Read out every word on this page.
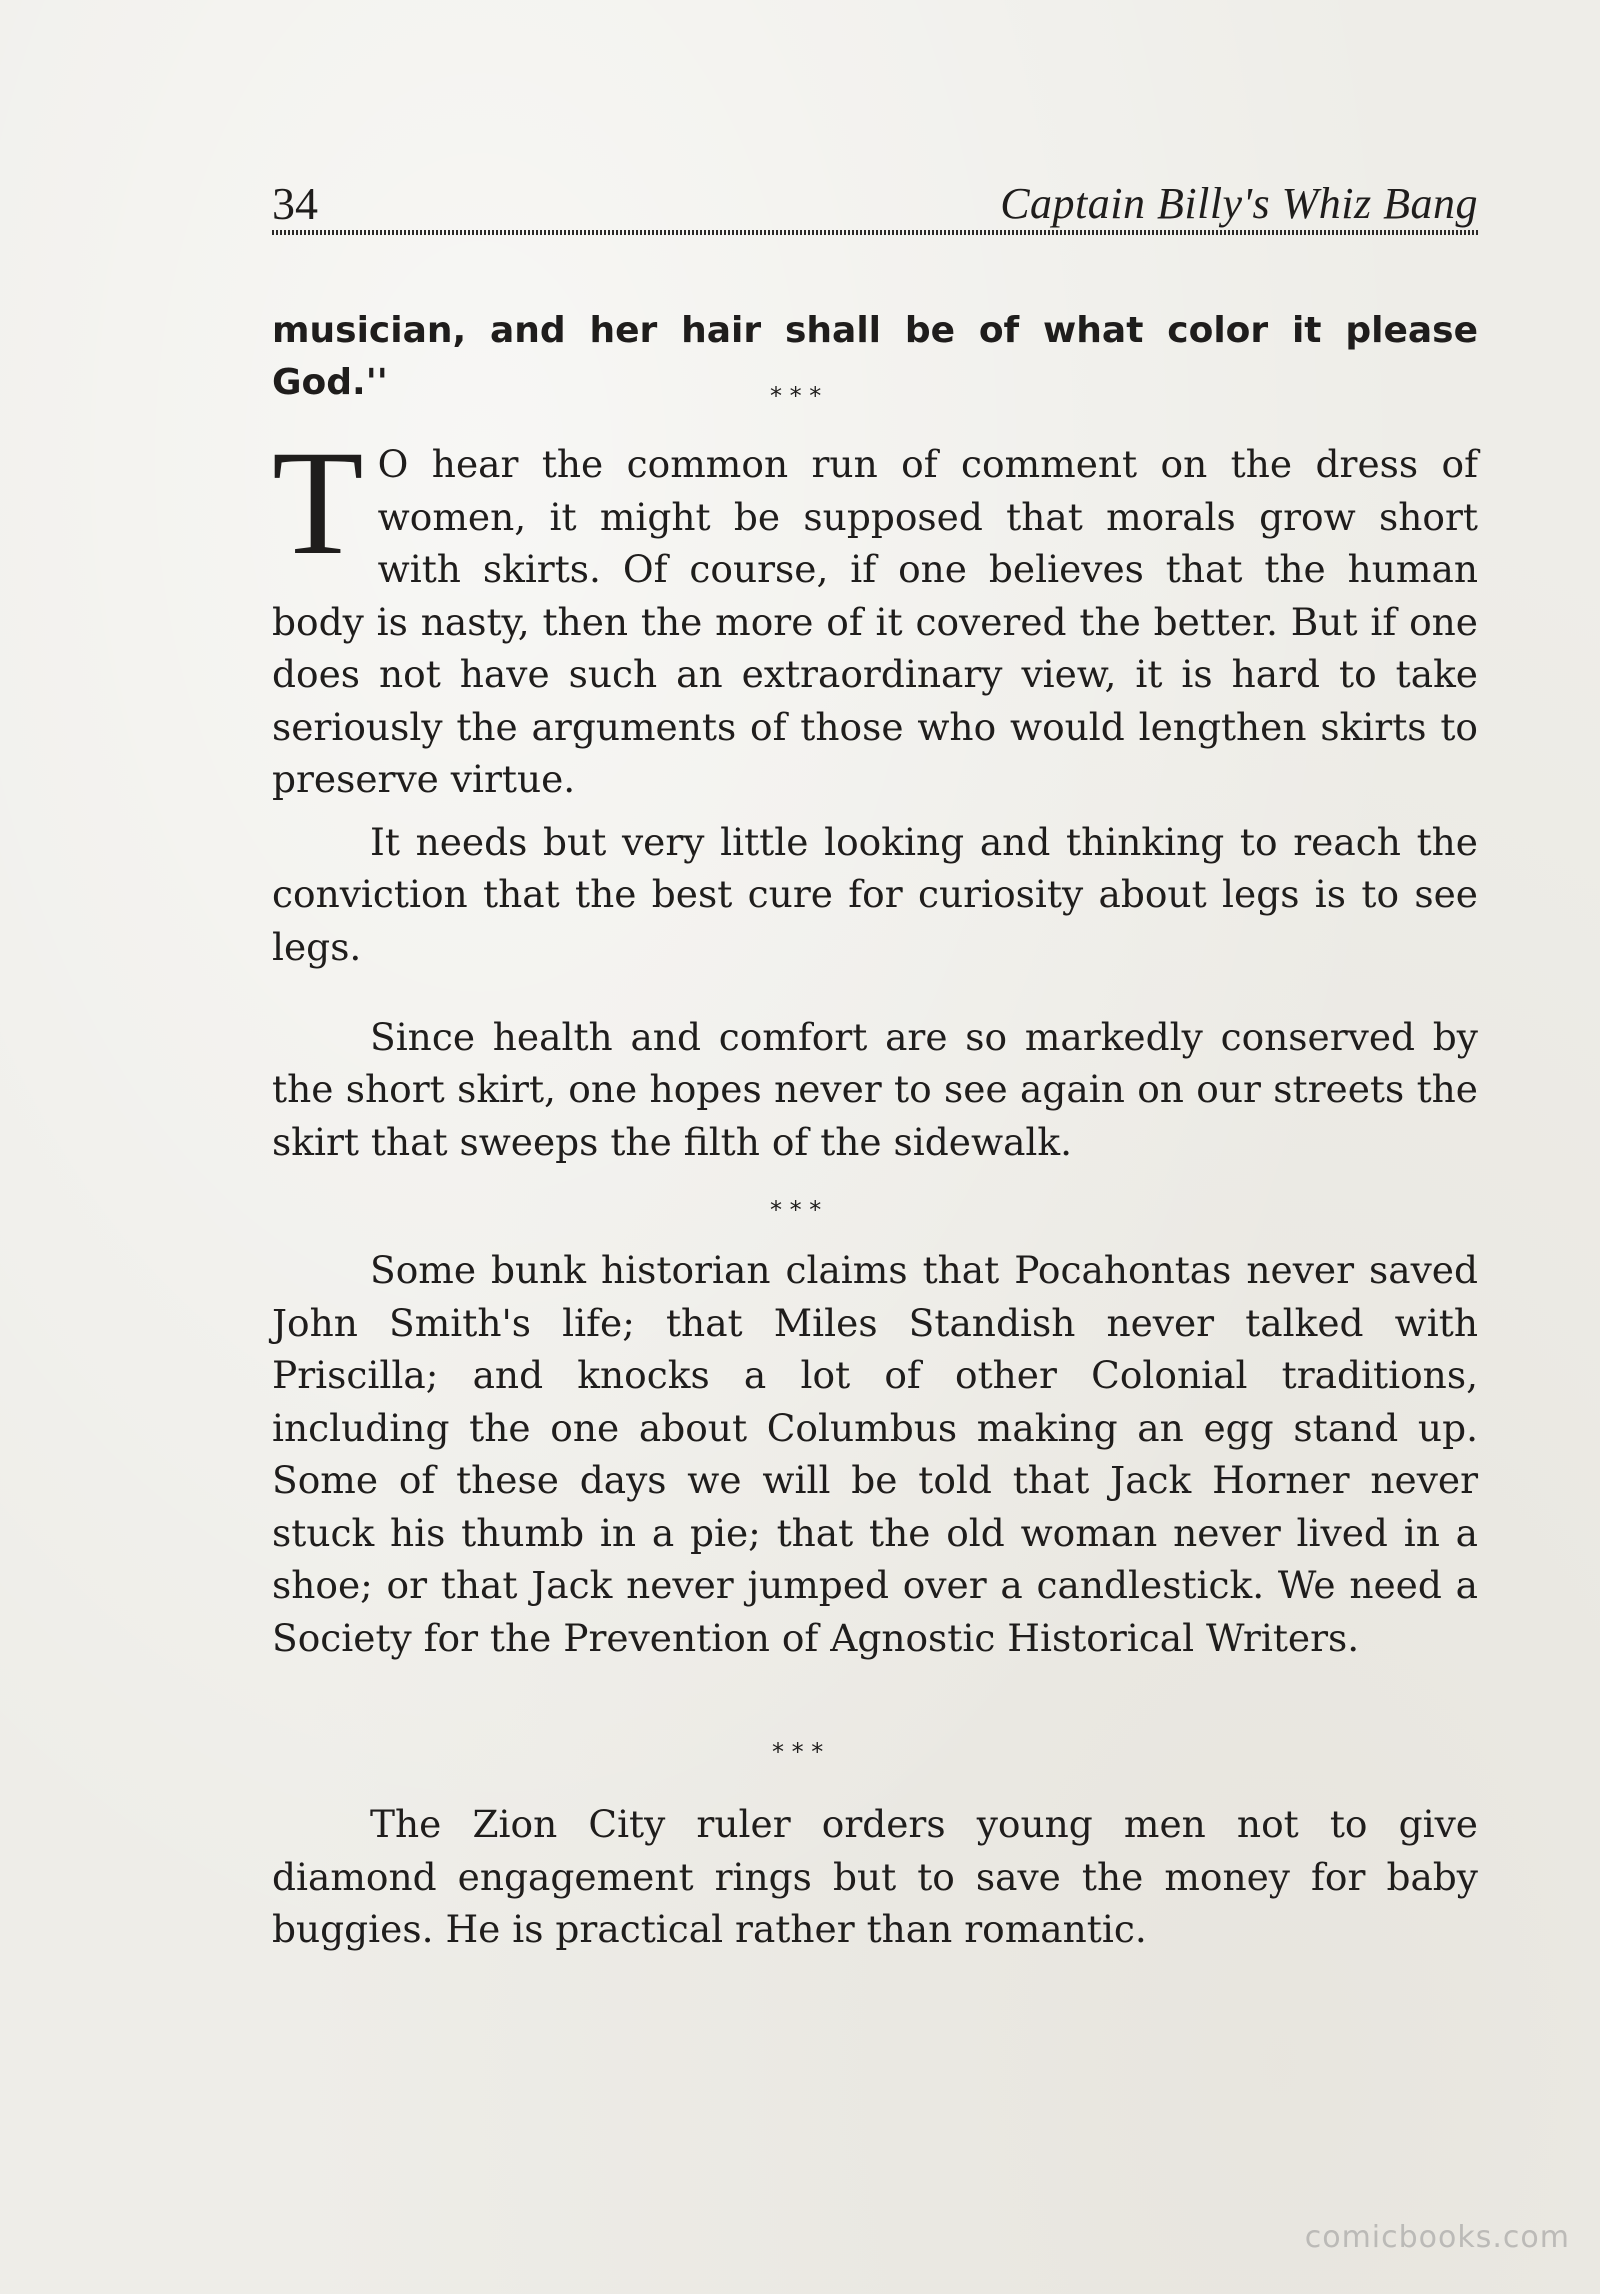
34	Captain Billy's Whiz Bang

musician, and her hair shall be of what color it please God.''	* * *

T O hear the common run of comment on the dress of women, it might be supposed that morals grow short with skirts. Of course, if one believes that the human body is nasty, then the more of it covered the better. But if one does not have such an extraordinary view, it is hard to take seriously the arguments of those who would lengthen skirts to preserve virtue.

It needs but very little looking and thinking to reach the conviction that the best cure for curiosity about legs is to see legs.

Since health and comfort are so markedly conserved by the short skirt, one hopes never to see again on our streets the skirt that sweeps the filth of the sidewalk.

* * *

Some bunk historian claims that Pocahontas never saved John Smith's life; that Miles Standish never talked with Priscilla; and knocks a lot of other Colonial traditions, including the one about Columbus making an egg stand up. Some of these days we will be told that Jack Horner never stuck his thumb in a pie; that the old woman never lived in a shoe; or that Jack never jumped over a candlestick. We need a Society for the Prevention of Agnostic Historical Writers.

* * *

The Zion City ruler orders young men not to give diamond engagement rings but to save the money for baby buggies. He is practical rather than romantic.

comicbooks.com
